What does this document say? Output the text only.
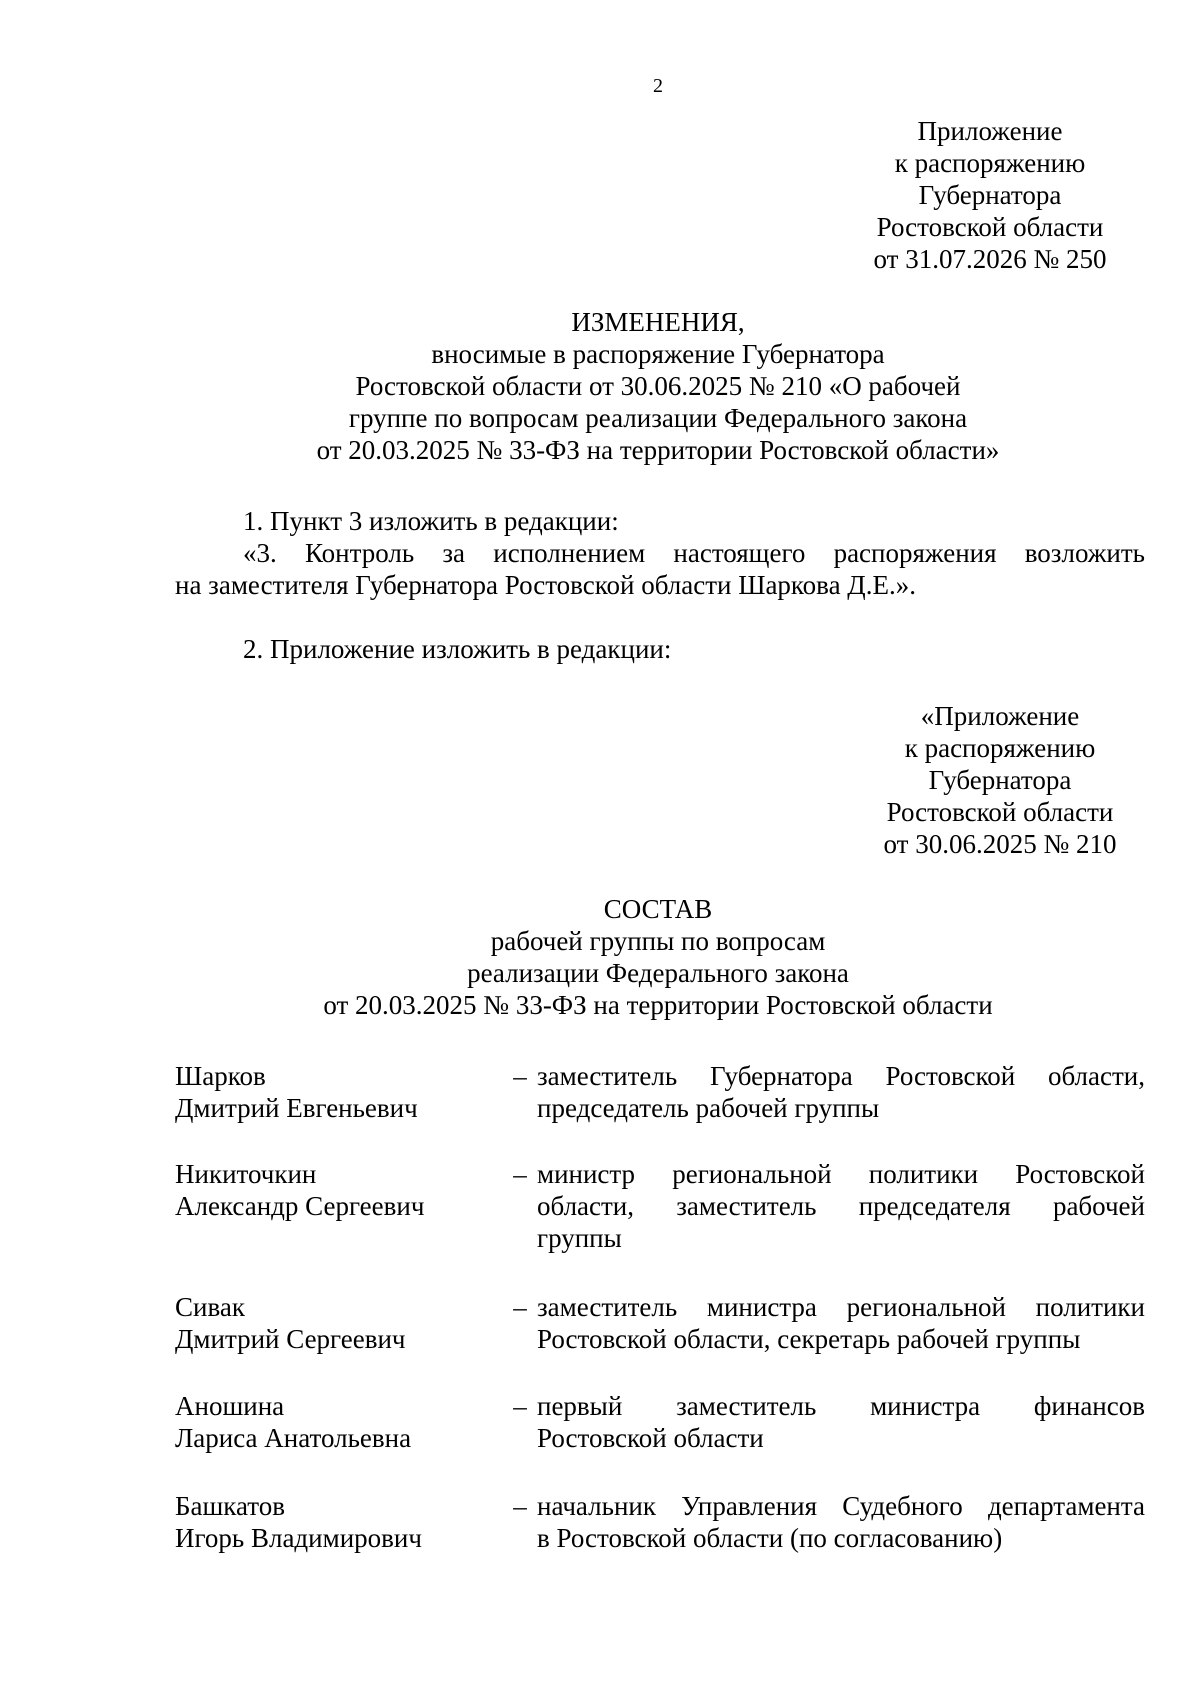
2
Приложение
к распоряжению
Губернатора
Ростовской области
от 31.07.2026 № 250
ИЗМЕНЕНИЯ,
вносимые в распоряжение Губернатора
Ростовской области от 30.06.2025 № 210 «О рабочей
группе по вопросам реализации Федерального закона
от 20.03.2025 № 33-ФЗ на территории Ростовской области»
1. Пункт 3 изложить в редакции:
«3. Контроль за исполнением настоящего распоряжения возложить
на заместителя Губернатора Ростовской области Шаркова Д.Е.».
2. Приложение изложить в редакции:
«Приложение
к распоряжению
Губернатора
Ростовской области
от 30.06.2025 № 210
СОСТАВ
рабочей группы по вопросам
реализации Федерального закона
от 20.03.2025 № 33-ФЗ на территории Ростовской области
Шарков
Дмитрий Евгеньевич
– заместитель Губернатора Ростовской области,
председатель рабочей группы
Никиточкин
Александр Сергеевич
– министр региональной политики Ростовской
области, заместитель председателя рабочей
группы
Сивак
Дмитрий Сергеевич
– заместитель министра региональной политики
Ростовской области, секретарь рабочей группы
Аношина
Лариса Анатольевна
– первый заместитель министра финансов
Ростовской области
Башкатов
Игорь Владимирович
– начальник Управления Судебного департамента
в Ростовской области (по согласованию)
